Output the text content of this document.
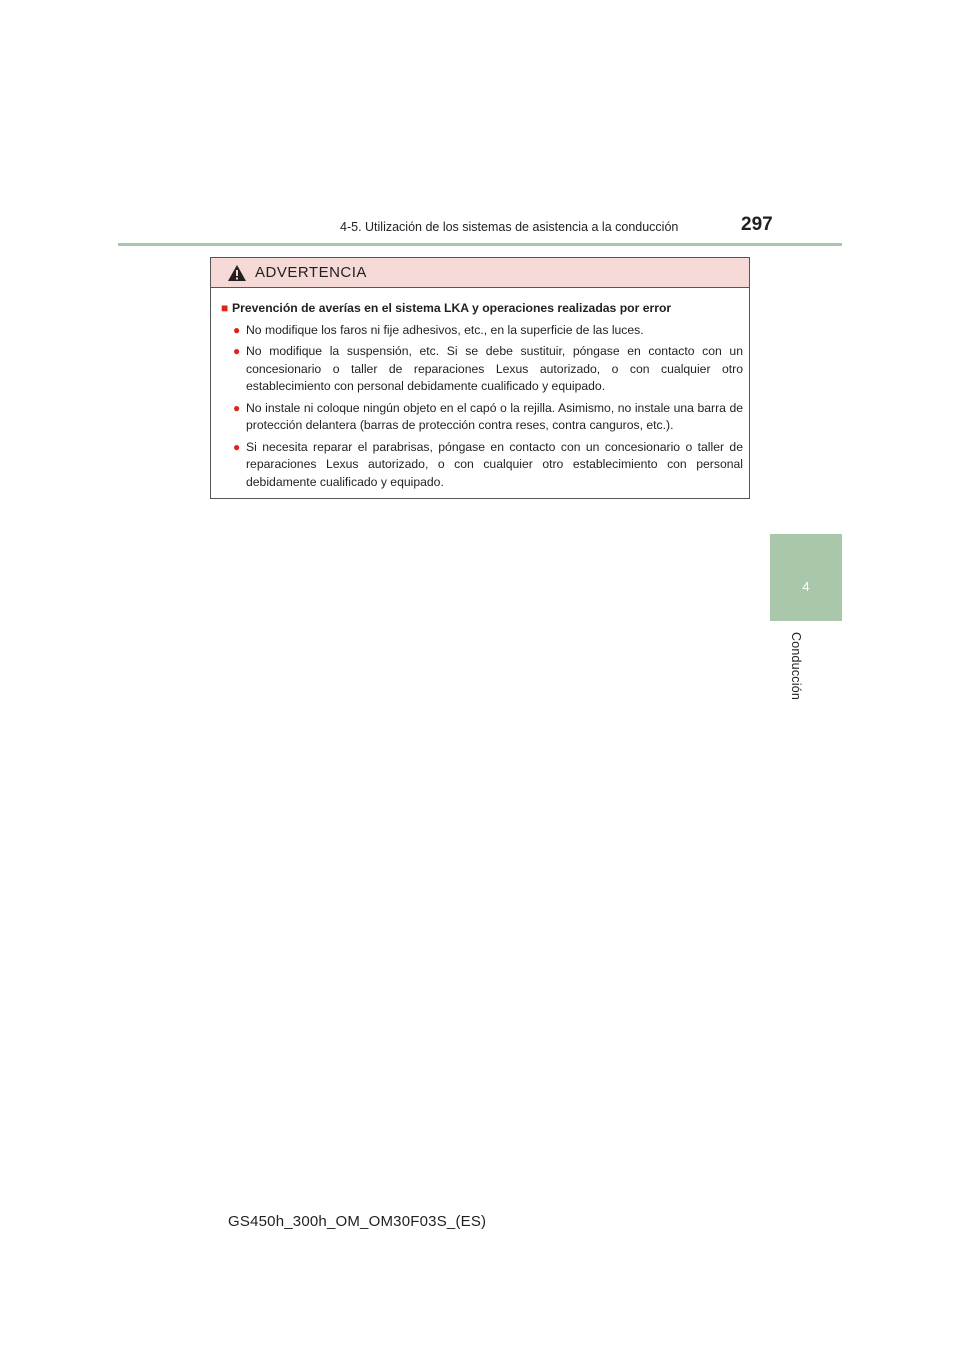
4-5. Utilización de los sistemas de asistencia a la conducción	297
4
Conducción
ADVERTENCIA
■ Prevención de averías en el sistema LKA y operaciones realizadas por error
● No modifique los faros ni fije adhesivos, etc., en la superficie de las luces.
● No modifique la suspensión, etc. Si se debe sustituir, póngase en contacto con un concesionario o taller de reparaciones Lexus autorizado, o con cualquier otro establecimiento con personal debidamente cualificado y equipado.
● No instale ni coloque ningún objeto en el capó o la rejilla. Asimismo, no instale una barra de protección delantera (barras de protección contra reses, contra canguros, etc.).
● Si necesita reparar el parabrisas, póngase en contacto con un concesionario o taller de reparaciones Lexus autorizado, o con cualquier otro establecimiento con personal debidamente cualificado y equipado.
GS450h_300h_OM_OM30F03S_(ES)
